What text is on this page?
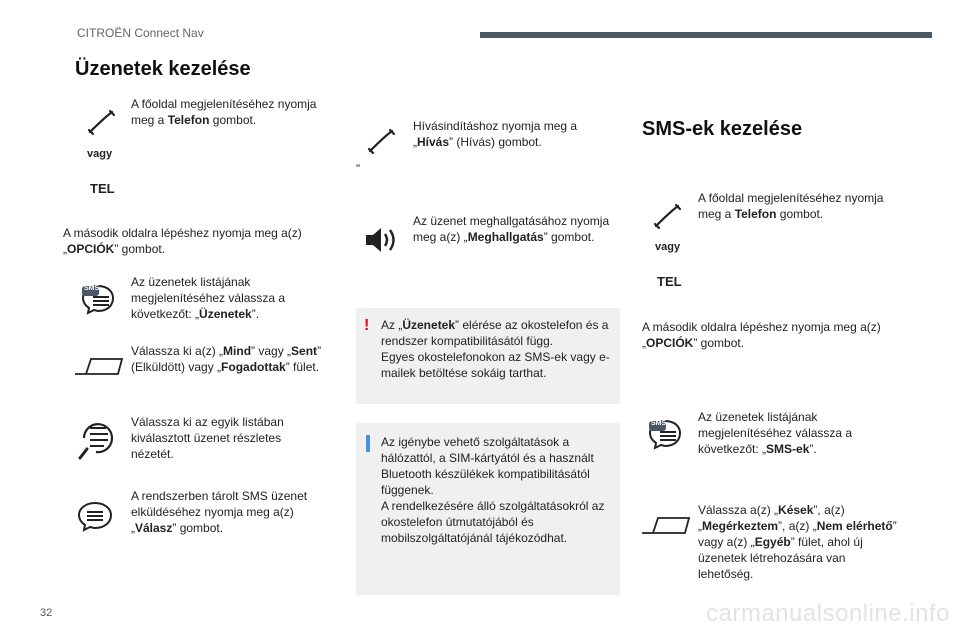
CITROËN Connect Nav
Üzenetek kezelése
A főoldal megjelenítéséhez nyomja meg a Telefon gombot.
vagy
TEL
A második oldalra lépéshez nyomja meg a(z) „OPCIÓK” gombot.
SMS	Az üzenetek listájának megjelenítéséhez válassza a következőt: „Üzenetek”.
Válassza ki a(z) „Mind” vagy „Sent” (Elküldött) vagy „Fogadottak” fület.
Válassza ki az egyik listában kiválasztott üzenet részletes nézetét.
A rendszerben tárolt SMS üzenet elküldéséhez nyomja meg a(z) „Válasz” gombot.
Hívásindításhoz nyomja meg a „Hívás” (Hívás) gombot.
”
Az üzenet meghallgatásához nyomja meg a(z) „Meghallgatás” gombot.
! Az „Üzenetek” elérése az okostelefon és a rendszer kompatibilitásától függ.
Egyes okostelefonokon az SMS-ek vagy e-mailek betöltése sokáig tarthat.
Az igénybe vehető szolgáltatások a hálózattól, a SIM-kártyától és a használt Bluetooth készülékek kompatibilitásától függenek.
A rendelkezésére álló szolgáltatásokról az okostelefon útmutatójából és mobilszolgáltatójánál tájékozódhat.
SMS-ek kezelése
A főoldal megjelenítéséhez nyomja meg a Telefon gombot.
vagy
TEL
A második oldalra lépéshez nyomja meg a(z) „OPCIÓK” gombot.
SMS	Az üzenetek listájának megjelenítéséhez válassza a következőt: „SMS-ek”.
Válassza a(z) „Kések”, a(z) „Megérkeztem”, a(z) „Nem elérhető” vagy a(z) „Egyéb” fület, ahol új üzenetek létrehozására van lehetőség.
32	carmanualsonline.info
